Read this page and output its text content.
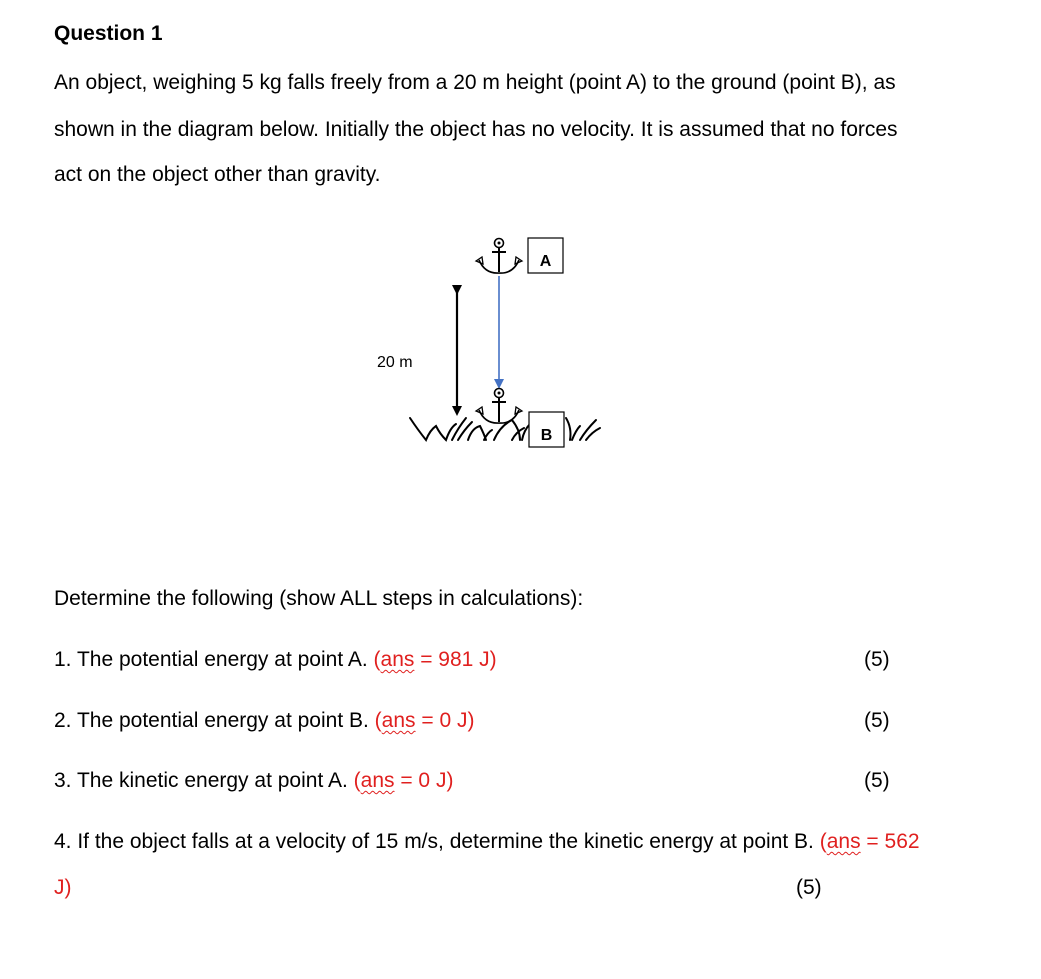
Question 1
An object, weighing 5 kg falls freely from a 20 m height (point A) to the ground (point B), as
shown in the diagram below. Initially the object has no velocity. It is assumed that no forces
act on the object other than gravity.
20 m
A
B
Determine the following (show ALL steps in calculations):
1. The potential energy at point A. (ans = 981 J)	(5)
2. The potential energy at point B. (ans = 0 J)	(5)
3. The kinetic energy at point A. (ans = 0 J)	(5)
4. If the object falls at a velocity of 15 m/s, determine the kinetic energy at point B. (ans = 562
J)	(5)
